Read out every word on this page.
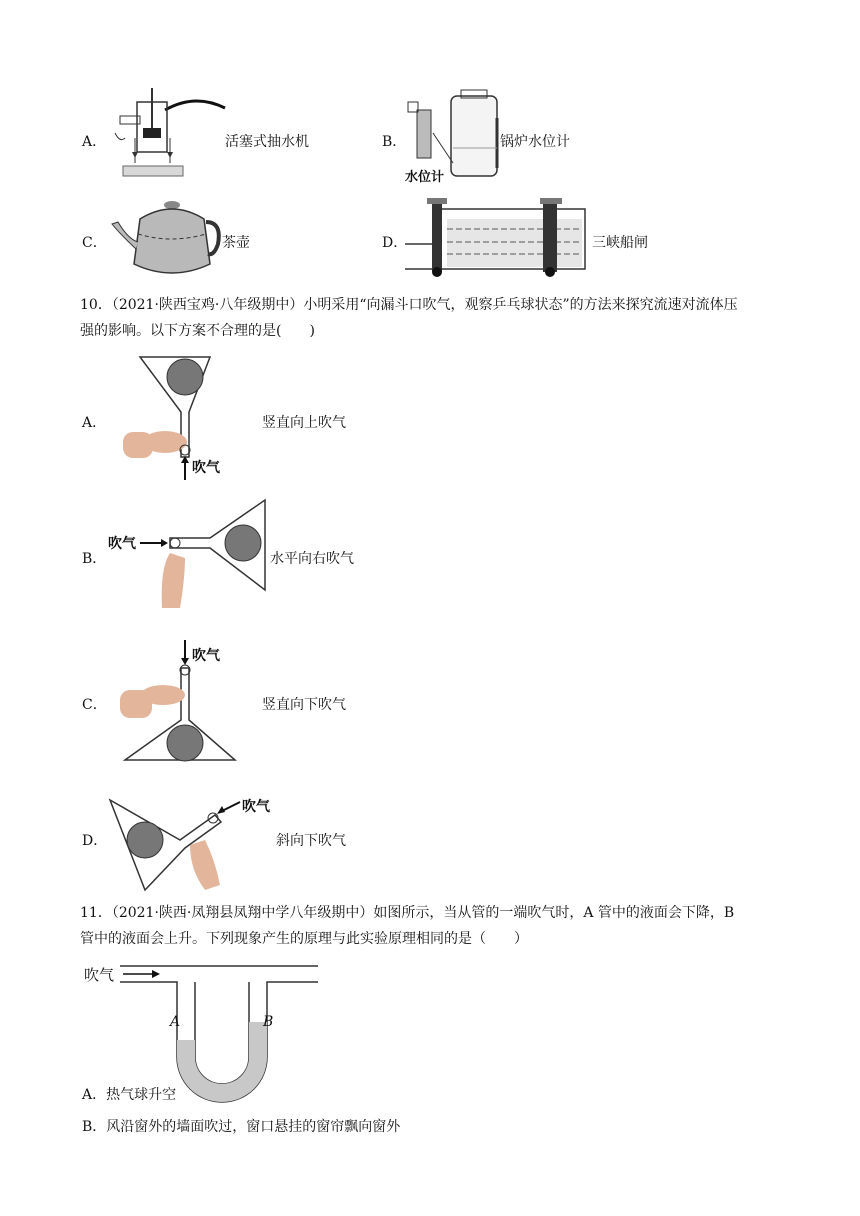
A．	活塞式抽水机	B．
水位计
锅炉水位计
C．	茶壶	D．	三峡船闸
10．（2021·陕西宝鸡·八年级期中）小明采用“向漏斗口吹气，观察乒乓球状态”的方法来探究流速对流体压
强的影响。以下方案不合理的是(　　)
A．
吹气
竖直向上吹气
B．
吹气
水平向右吹气
C．
吹气
竖直向下吹气
D．
吹气
斜向下吹气
11．（2021·陕西·凤翔县凤翔中学八年级期中）如图所示，当从管的一端吹气时，A 管中的液面会下降，B
管中的液面会上升。下列现象产生的原理与此实验原理相同的是（　　）
吹气
A	B
A．热气球升空
B．风沿窗外的墙面吹过，窗口悬挂的窗帘飘向窗外
